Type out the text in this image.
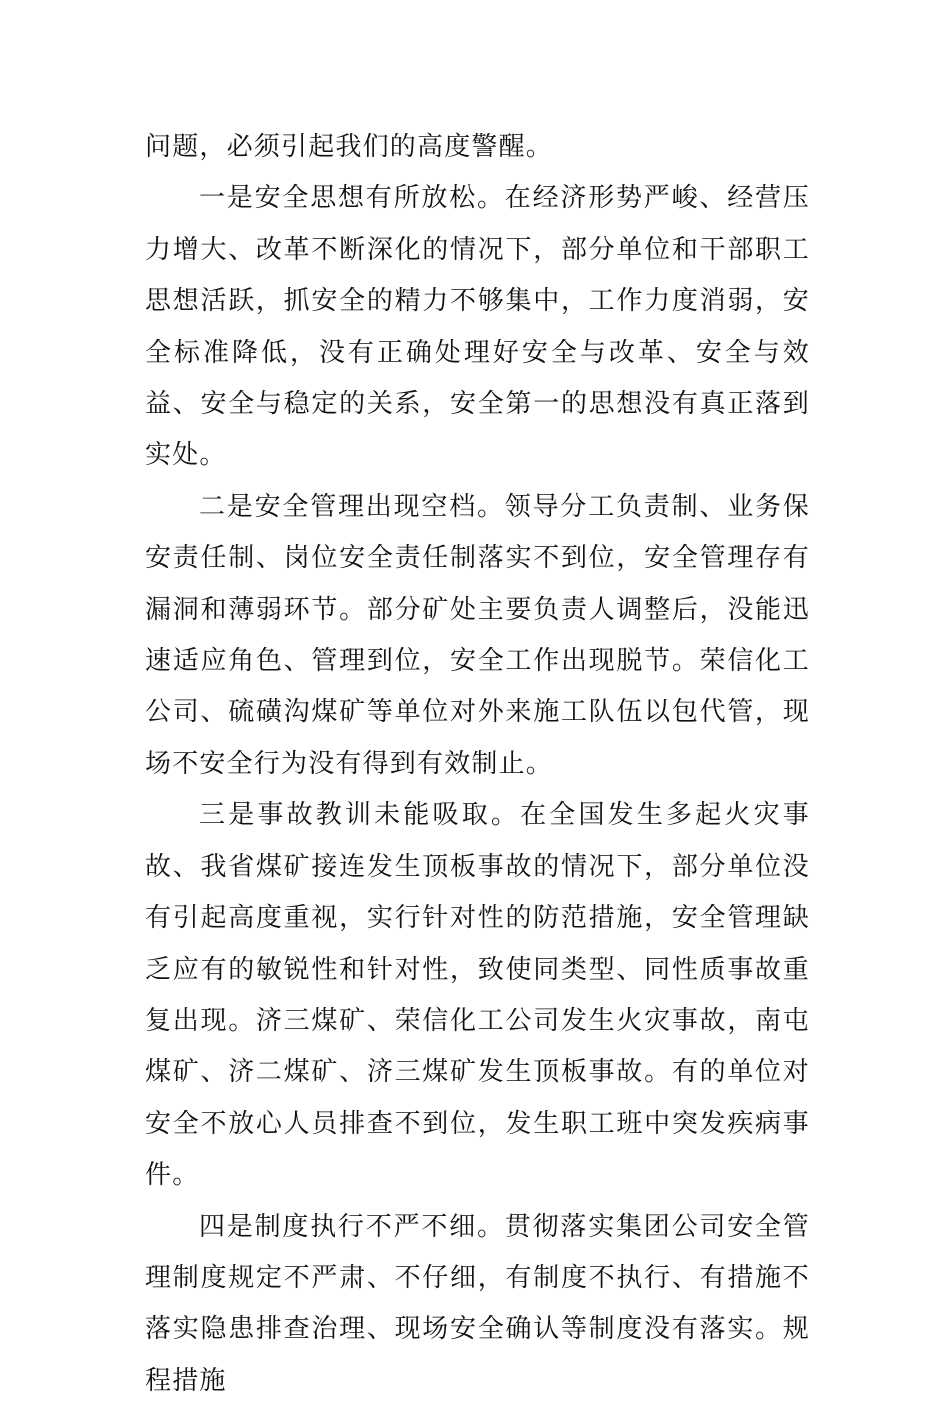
问题，必须引起我们的高度警醒。

一是安全思想有所放松。在经济形势严峻、经营压力增大、改革不断深化的情况下，部分单位和干部职工思想活跃，抓安全的精力不够集中，工作力度消弱，安全标准降低，没有正确处理好安全与改革、安全与效益、安全与稳定的关系，安全第一的思想没有真正落到实处。

二是安全管理出现空档。领导分工负责制、业务保安责任制、岗位安全责任制落实不到位，安全管理存有漏洞和薄弱环节。部分矿处主要负责人调整后，没能迅速适应角色、管理到位，安全工作出现脱节。荣信化工公司、硫磺沟煤矿等单位对外来施工队伍以包代管，现场不安全行为没有得到有效制止。

三是事故教训未能吸取。在全国发生多起火灾事故、我省煤矿接连发生顶板事故的情况下，部分单位没有引起高度重视，实行针对性的防范措施，安全管理缺乏应有的敏锐性和针对性，致使同类型、同性质事故重复出现。济三煤矿、荣信化工公司发生火灾事故，南屯煤矿、济二煤矿、济三煤矿发生顶板事故。有的单位对安全不放心人员排查不到位，发生职工班中突发疾病事件。

四是制度执行不严不细。贯彻落实集团公司安全管理制度规定不严肃、不仔细，有制度不执行、有措施不落实隐患排查治理、现场安全确认等制度没有落实。规程措施
